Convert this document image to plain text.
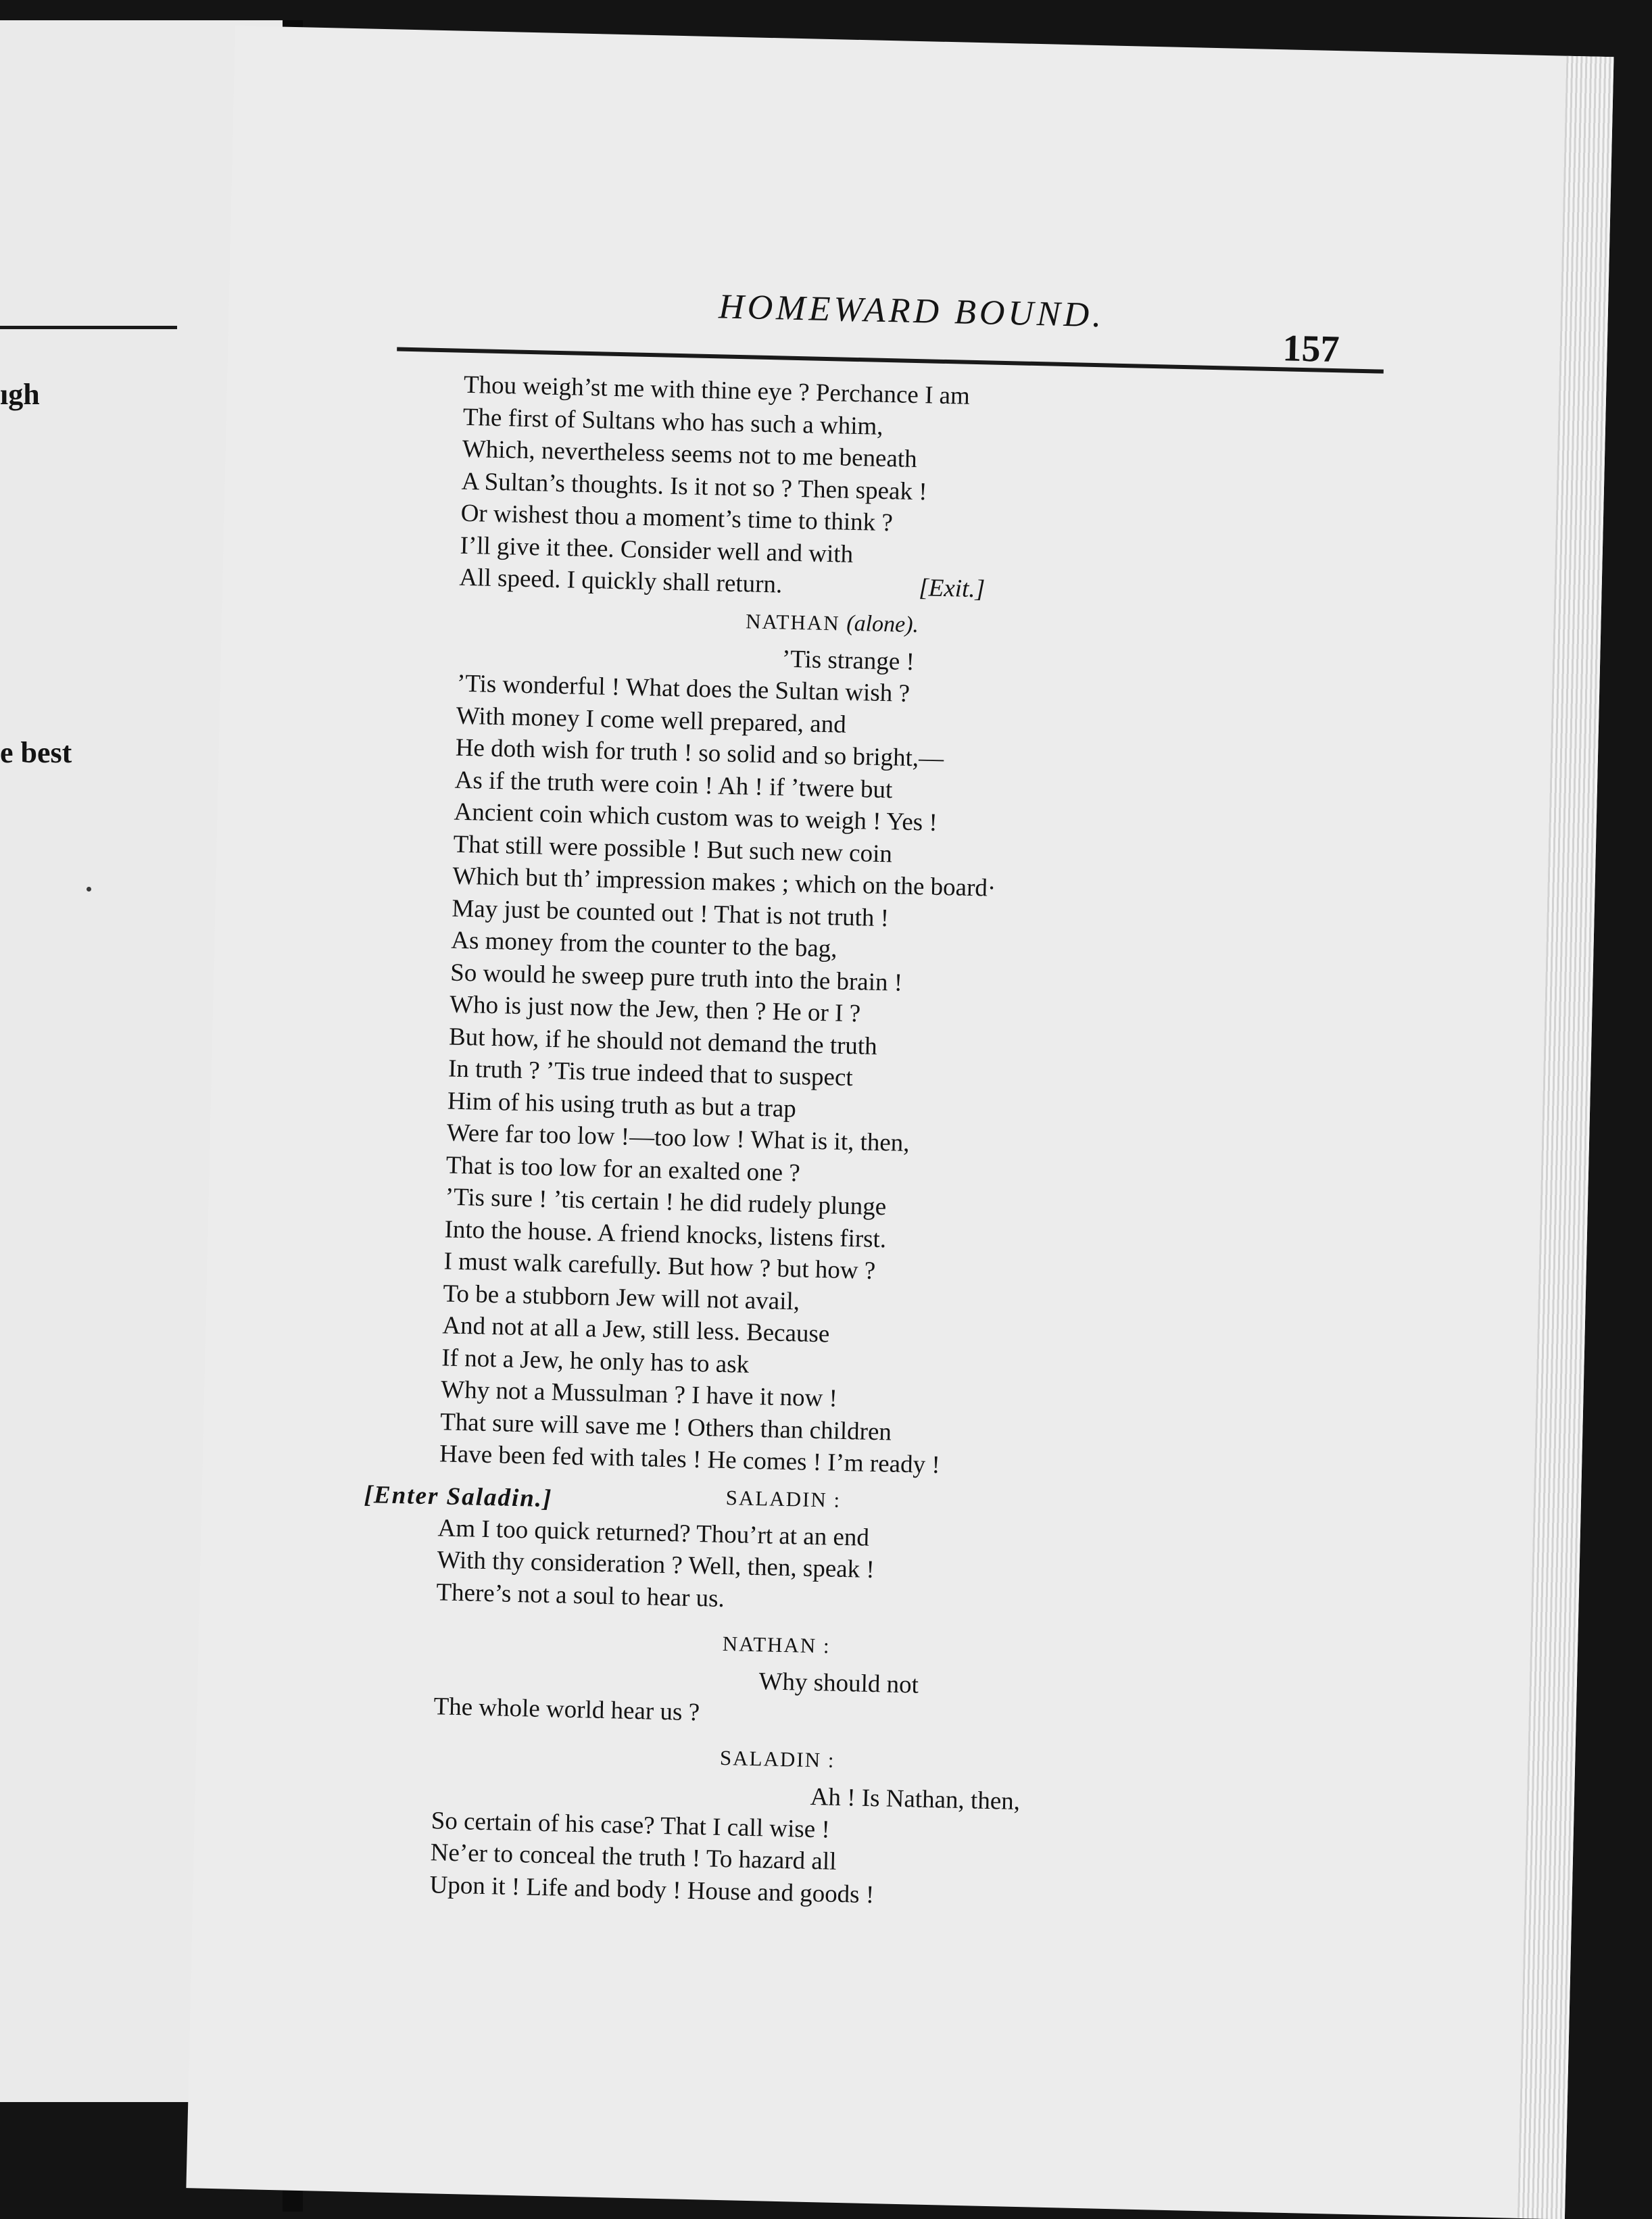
ıgh
e best
HOMEWARD BOUND.
157
Thou weigh’st me with thine eye ? Perchance I am
The first of Sultans who has such a whim,
Which, nevertheless seems not to me beneath
A Sultan’s thoughts. Is it not so ? Then speak !
Or wishest thou a moment’s time to think ?
I’ll give it thee. Consider well and with
All speed. I quickly shall return.	[Exit.]
NATHAN (alone).
’Tis strange !
’Tis wonderful ! What does the Sultan wish ?
With money I come well prepared, and
He doth wish for truth ! so solid and so bright,—
As if the truth were coin ! Ah ! if ’twere but
Ancient coin which custom was to weigh ! Yes !
That still were possible ! But such new coin
Which but th’ impression makes ; which on the board·
May just be counted out ! That is not truth !
As money from the counter to the bag,
So would he sweep pure truth into the brain !
Who is just now the Jew, then ? He or I ?
But how, if he should not demand the truth
In truth ? ’Tis true indeed that to suspect
Him of his using truth as but a trap
Were far too low !—too low ! What is it, then,
That is too low for an exalted one ?
’Tis sure ! ’tis certain ! he did rudely plunge
Into the house. A friend knocks, listens first.
I must walk carefully. But how ? but how ?
To be a stubborn Jew will not avail,
And not at all a Jew, still less. Because
If not a Jew, he only has to ask
Why not a Mussulman ? I have it now !
That sure will save me ! Others than children
Have been fed with tales ! He comes ! I’m ready !
[Enter Saladin.]	SALADIN :
Am I too quick returned? Thou’rt at an end
With thy consideration ? Well, then, speak !
There’s not a soul to hear us.
NATHAN :
Why should not
The whole world hear us ?
SALADIN :
Ah ! Is Nathan, then,
So certain of his case? That I call wise !
Ne’er to conceal the truth ! To hazard all
Upon it ! Life and body ! House and goods !
